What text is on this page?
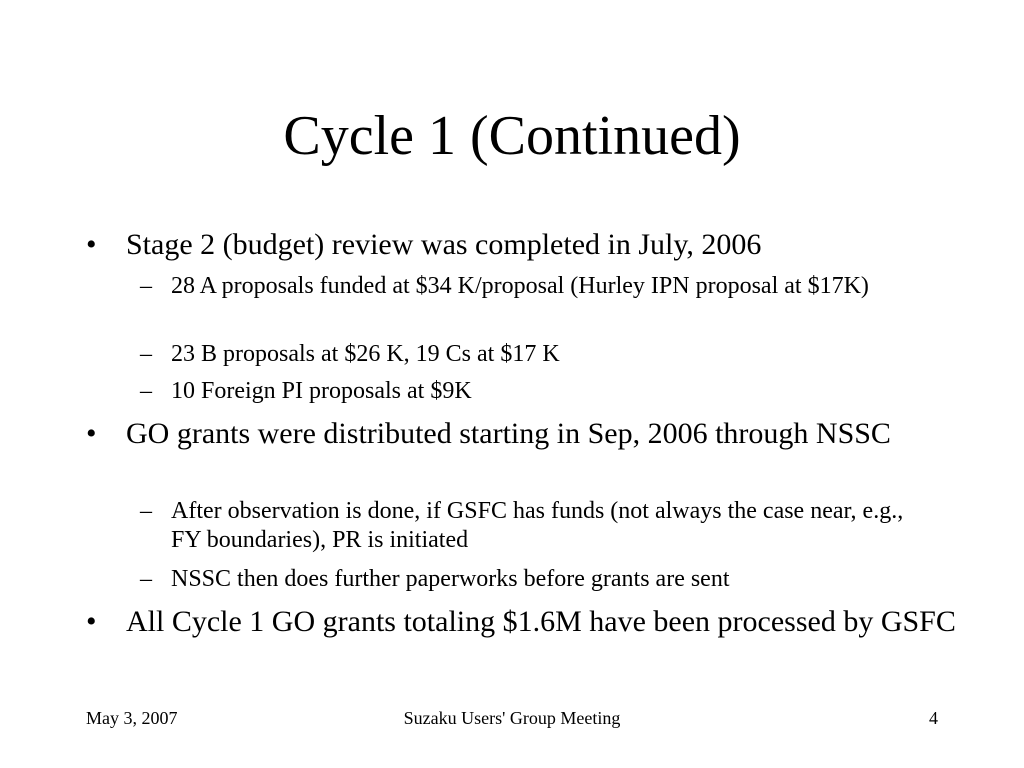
Cycle 1 (Continued)
• Stage 2 (budget) review was completed in July, 2006
– 28 A proposals funded at $34 K/proposal (Hurley IPN proposal at $17K)
– 23 B proposals at $26 K, 19 Cs at $17 K
– 10 Foreign PI proposals at $9K
• GO grants were distributed starting in Sep, 2006 through NSSC
– After observation is done, if GSFC has funds (not always the case near, e.g., FY boundaries), PR is initiated
– NSSC then does further paperworks before grants are sent
• All Cycle 1 GO grants totaling $1.6M have been processed by GSFC
May 3, 2007	Suzaku Users' Group Meeting	4
